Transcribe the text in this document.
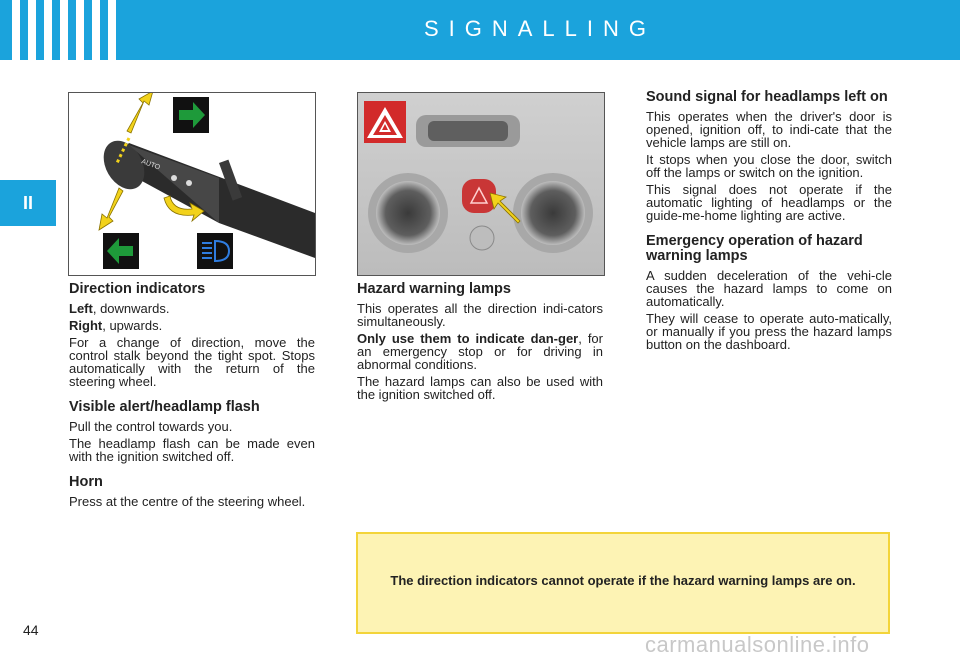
SIGNALLING
II
AUTO
Direction indicators

Left, downwards.

Right, upwards.

For a change of direction, move the control stalk beyond the tight spot. Stops automatically with the return of the steering wheel.

Visible alert/headlamp flash

Pull the control towards you.

The headlamp flash can be made even with the ignition switched off.

Horn

Press at the centre of the steering wheel.

Hazard warning lamps

This operates all the direction indi-cators simultaneously.

Only use them to indicate dan-ger, for an emergency stop or for driving in abnormal conditions.

The hazard lamps can also be used with the ignition switched off.

Sound signal for headlamps left on

This operates when the driver's door is opened, ignition off, to indi-cate that the vehicle lamps are still on.

It stops when you close the door, switch off the lamps or switch on the ignition.

This signal does not operate if the automatic lighting of headlamps or the guide-me-home lighting are active.

Emergency operation of hazard warning lamps

A sudden deceleration of the vehi-cle causes the hazard lamps to come on automatically.

They will cease to operate auto-matically, or manually if you press the hazard lamps button on the dashboard.

The direction indicators cannot operate if the hazard warning lamps are on.
44
carmanualsonline.info
